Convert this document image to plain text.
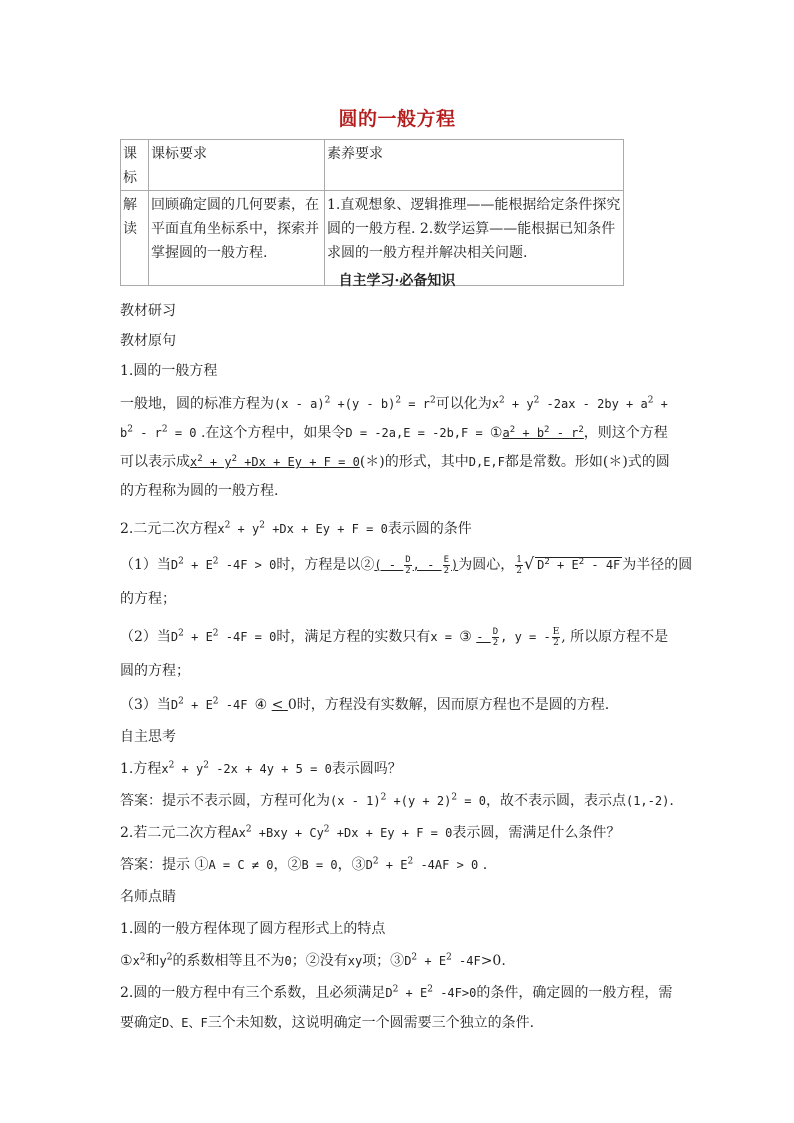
圆的一般方程
课标	课标要求	素养要求
解读	回顾确定圆的几何要素，在平面直角坐标系中，探索并掌握圆的一般方程.	1.直观想象、逻辑推理——能根据给定条件探究圆的一般方程. 2.数学运算——能根据已知条件求圆的一般方程并解决相关问题.
自主学习·必备知识
教材研习
教材原句
1.圆的一般方程
一般地，圆的标准方程为$(x - a)^2 +(y - b)^2 = r^2$可以化为$x^2 + y^2$ $-2ax - 2by + a^2 + b^2 - r^2 = 0$ .在这个方程中，如果令$D = -2a,E = -2b,F = ①a^2 + b^2 - r^2$，则这个方程可以表示成$x^2 + y^2 +Dx + Ey + F$ = 0(＊)的形式，其中D,E,F都是常数。形如(＊)式的圆的方程称为圆的一般方程.
2.二元二次方程$x^2 + y^2 +Dx + Ey + F = 0$表示圆的条件
（1）当$D^2 + E^2$ -4F > 0时，方程是以②( - $\frac{D}{2}$ , - $\frac{E}{2}$ )为圆心， $\frac{1}{2}$ √ $D^2 + E^2 - 4F$ 为半径的圆
的方程；
（2）当$D^2 + E^2$ -4F = 0时，满足方程的实数只有x = ③ - $\frac{D}{2}$ , y = - $\frac{E}{2}$ , 所以原方程不是
圆的方程；
（3）当$D^2 + E^2$ -4F ④ < 0时，方程没有实数解，因而原方程也不是圆的方程.
自主思考
1.方程$x^2 + y^2$ -2x + 4y + 5 = 0表示圆吗？
答案：提示不表示圆，方程可化为$(x - 1)^2 +(y + 2)^2 = 0$，故不表示圆，表示点(1,-2).
2.若二元二次方程$Ax^2 +Bxy + Cy^2 +Dx + Ey + F = 0$表示圆，需满足什么条件？
答案：提示 ①A = C ≠ 0，②B = 0，$③D^2 + E^2$ -4AF > 0 .
名师点睛
1.圆的一般方程体现了圆方程形式上的特点
$①x^2$和$y^2$的系数相等且不为0；②没有xy项；$③D^2 + E^2$ -4F>0.
2.圆的一般方程中有三个系数，且必须满足$D^2 + E^2$ -4F>0的条件，确定圆的一般方程，需要确定D、E、F三个未知数，这说明确定一个圆需要三个独立的条件.
